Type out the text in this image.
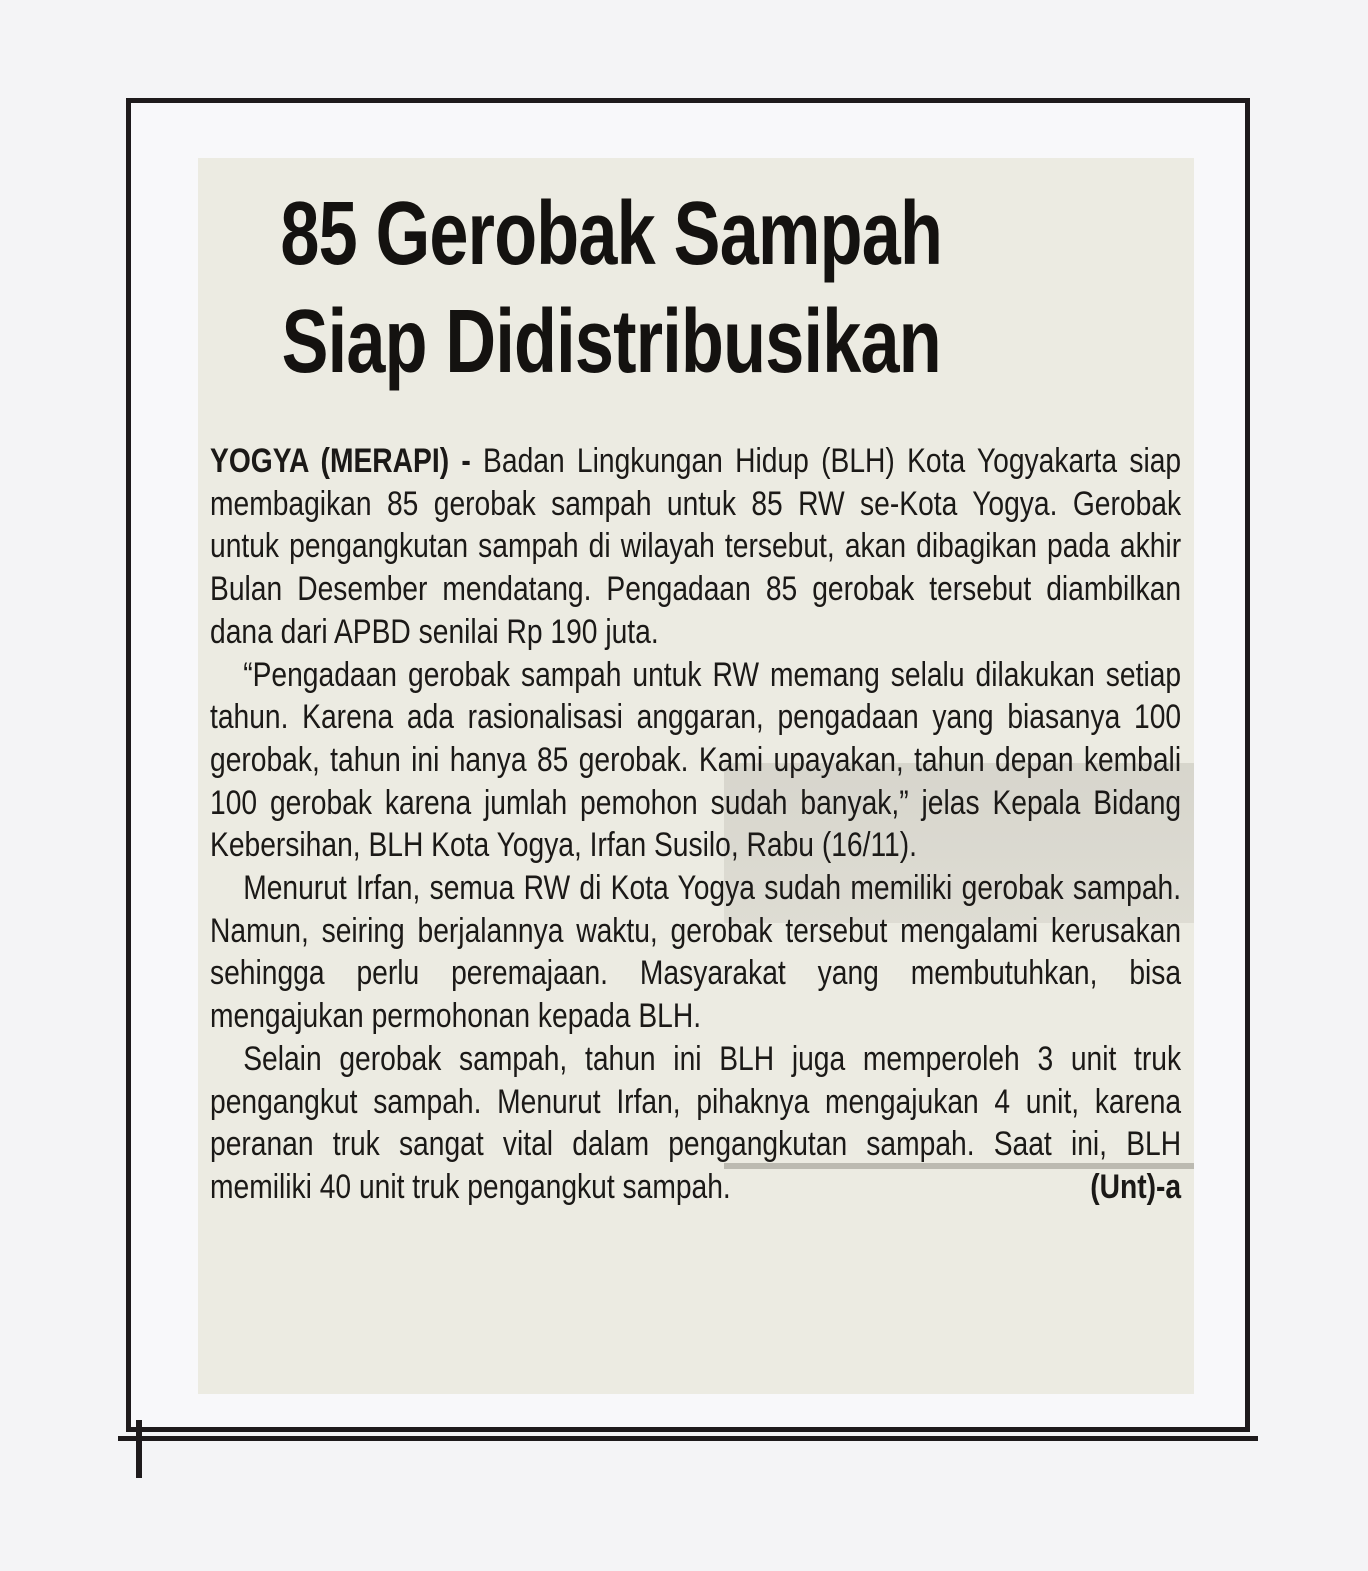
85 Gerobak Sampah
Siap Didistribusikan

YOGYA (MERAPI) - Badan Lingkungan Hidup (BLH) Kota Yogyakarta siap membagikan 85 gerobak sampah untuk 85 RW se-Kota Yogya. Gerobak untuk pengangkutan sampah di wilayah tersebut, akan dibagikan pada akhir Bulan Desember mendatang. Pengadaan 85 gerobak tersebut diambilkan dana dari APBD senilai Rp 190 juta.

“Pengadaan gerobak sampah untuk RW memang selalu dilakukan setiap tahun. Karena ada rasionalisasi anggaran, pengadaan yang biasanya 100 gerobak, tahun ini hanya 85 gerobak. Kami upayakan, tahun depan kembali 100 gerobak karena jumlah pemohon sudah banyak,” jelas Kepala Bidang Kebersihan, BLH Kota Yogya, Irfan Susilo, Rabu (16/11).

Menurut Irfan, semua RW di Kota Yogya sudah memiliki gerobak sampah. Namun, seiring berjalannya waktu, gerobak tersebut mengalami kerusakan sehingga perlu peremajaan. Masyarakat yang membutuhkan, bisa mengajukan permohonan kepada BLH.

Selain gerobak sampah, tahun ini BLH juga memperoleh 3 unit truk pengangkut sampah. Menurut Irfan, pihaknya mengajukan 4 unit, karena peranan truk sangat vital dalam pengangkutan sampah. Saat ini, BLH memiliki 40 unit truk pengangkut sampah.	(Unt)-a
